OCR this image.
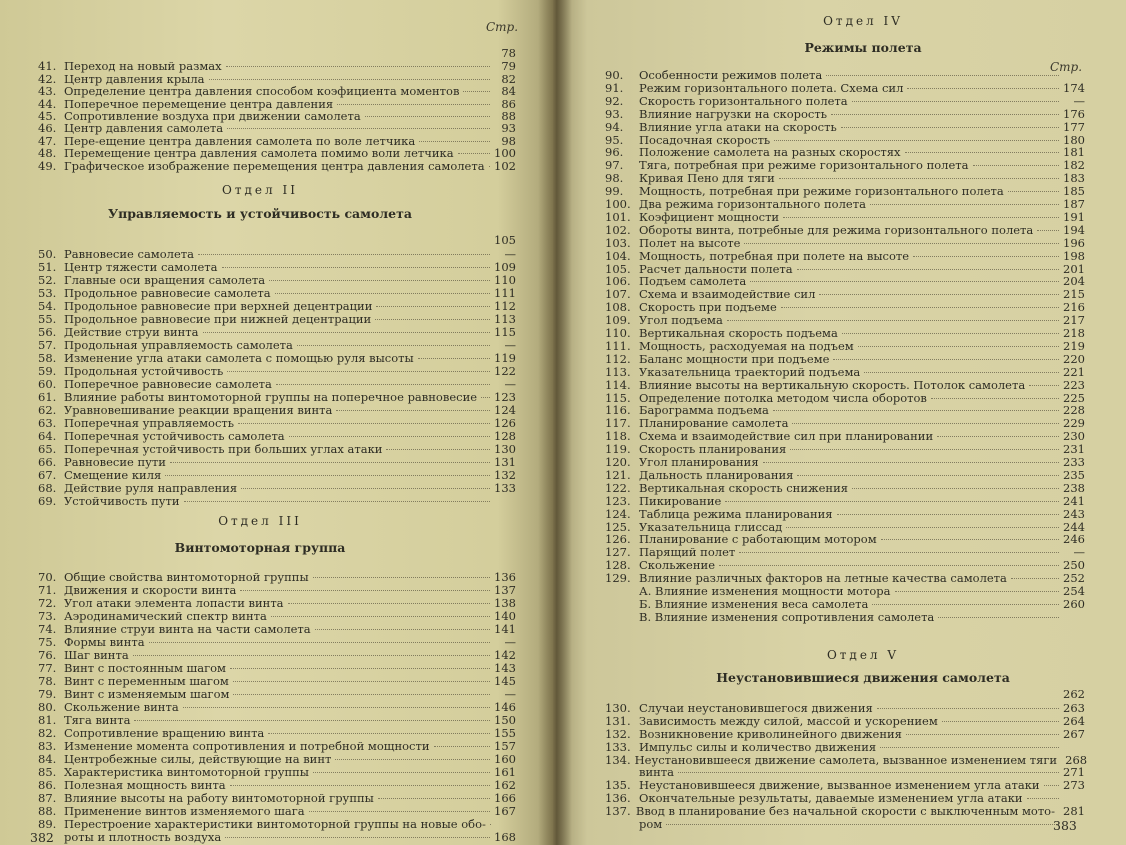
Стр.
Отдел II
Управляемость и устойчивость самолета
Отдел III
Винтомоторная группа
382
78
41. Переход на новый размах	79
42. Центр давления крыла	82
43. Определение центра давления способом коэфициента моментов	84
44. Поперечное перемещение центра давления	86
45. Сопротивление воздуха при движении самолета	88
46. Центр давления самолета	93
47. Пере-ещение центра давления самолета по воле летчика	98
48. Перемещение центра давления самолета помимо воли летчика	100
49. Графическое изображение перемещения центра давления самолета 102
105
50. Равновесие самолета	—
51. Центр тяжести самолета	109
52. Главные оси вращения самолета	110
53. Продольное равновесие самолета	111
54. Продольное равновесие при верхней децентрации	112
55. Продольное равновесие при нижней децентрации	113
56. Действие струи винта	115
57. Продольная управляемость самолета	—
58. Изменение угла атаки самолета с помощью руля высоты	119
59. Продольная устойчивость	122
60. Поперечное равновесие самолета	—
61. Влияние работы винтомоторной группы на поперечное равновесие 123
62. Уравновешивание реакции вращения винта	124
63. Поперечная управляемость	126
64. Поперечная устойчивость самолета	128
65. Поперечная устойчивость при больших углах атаки	130
66. Равновесие пути	131
67. Смещение киля	132
68. Действие руля направления	133
69. Устойчивость пути
70. Общие свойства винтомоторной группы	136
71. Движения и скорости винта	137
72. Угол атаки элемента лопасти винта	138
73. Аэродинамический спектр винта	140
74. Влияние струи винта на части самолета	141
75. Формы винта	—
76. Шаг винта	142
77. Винт с постоянным шагом	143
78. Винт с переменным шагом	145
79. Винт с изменяемым шагом	—
80. Скольжение винта	146
81. Тяга винта	150
82. Сопротивление вращению винта	155
83. Изменение момента сопротивления и потребной мощности	157
84. Центробежные силы, действующие на винт	160
85. Характеристика винтомоторной группы	161
86. Полезная мощность винта	162
87. Влияние высоты на работу винтомоторной группы	166
88. Применение винтов изменяемого шага	167
89. Перестроение характеристики винтомоторной группы на новые обо-
роты и плотность воздуха	168
Отдел IV
Режимы полета
Стр.
Отдел V
Неустановившиеся движения самолета
383
90.	Особенности режимов полета
91.	Режим горизонтального полета. Схема сил	174
92.	Скорость горизонтального полета	—
93.	Влияние нагрузки на скорость	176
94.	Влияние угла атаки на скорость	177
95.	Посадочная скорость	180
96.	Положение самолета на разных скоростях	181
97.	Тяга, потребная при режиме горизонтального полета	182
98.	Кривая Пено для тяги	183
99.	Мощность, потребная при режиме горизонтального полета	185
100. Два режима горизонтального полета	187
101. Коэфициент мощности	191
102. Обороты винта, потребные для режима горизонтального полета	194
103. Полет на высоте	196
104. Мощность, потребная при полете на высоте	198
105. Расчет дальности полета	201
106. Подъем самолета	204
107. Схема и взаимодействие сил	215
108. Скорость при подъеме	216
109. Угол подъема	217
110. Вертикальная скорость подъема	218
111. Мощность, расходуемая на подъем	219
112. Баланс мощности при подъеме	220
113. Указательница траекторий подъема	221
114. Влияние высоты на вертикальную скорость. Потолок самолета	223
115. Определение потолка методом числа оборотов	225
116. Барограмма подъема	228
117. Планирование самолета	229
118. Схема и взаимодействие сил при планировании	230
119. Скорость планирования	231
120. Угол планирования	233
121. Дальность планирования	235
122. Вертикальная скорость снижения	238
123. Пикирование	241
124. Таблица режима планирования	243
125. Указательница глиссад	244
126. Планирование с работающим мотором	246
127. Парящий полет	—
128. Скольжение	250
129. Влияние различных факторов на летные качества самолета	252
А. Влияние изменения мощности мотора	254
Б. Влияние изменения веса самолета	260
В. Влияние изменения сопротивления самолета
262
130. Случаи неустановившегося движения	263
131. Зависимость между силой, массой и ускорением	264
132. Возникновение криволинейного движения	267
133. Импульс силы и количество движения
134. Неустановившееся движение самолета, вызванное изменением тяги 268
винта	271
135. Неустановившееся движение, вызванное изменением угла атаки 273
136. Окончательные результаты, даваемые изменением угла атаки
137. Ввод в планирование без начальной скорости с выключенным мото- 281
ром
